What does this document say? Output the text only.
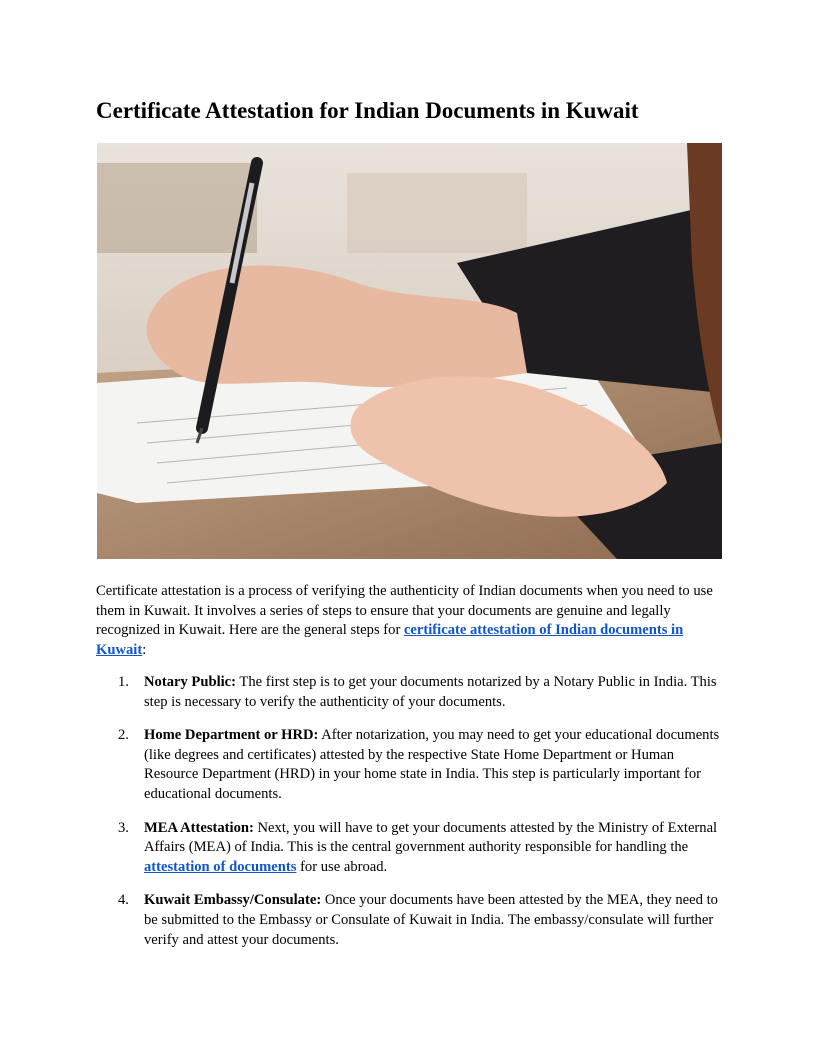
Certificate Attestation for Indian Documents in Kuwait

Certificate attestation is a process of verifying the authenticity of Indian documents when you need to use them in Kuwait. It involves a series of steps to ensure that your documents are genuine and legally recognized in Kuwait. Here are the general steps for certificate attestation of Indian documents in Kuwait:

1. Notary Public: The first step is to get your documents notarized by a Notary Public in India. This step is necessary to verify the authenticity of your documents.
2. Home Department or HRD: After notarization, you may need to get your educational documents (like degrees and certificates) attested by the respective State Home Department or Human Resource Department (HRD) in your home state in India. This step is particularly important for educational documents.
3. MEA Attestation: Next, you will have to get your documents attested by the Ministry of External Affairs (MEA) of India. This is the central government authority responsible for handling the attestation of documents for use abroad.
4. Kuwait Embassy/Consulate: Once your documents have been attested by the MEA, they need to be submitted to the Embassy or Consulate of Kuwait in India. The embassy/consulate will further verify and attest your documents.
